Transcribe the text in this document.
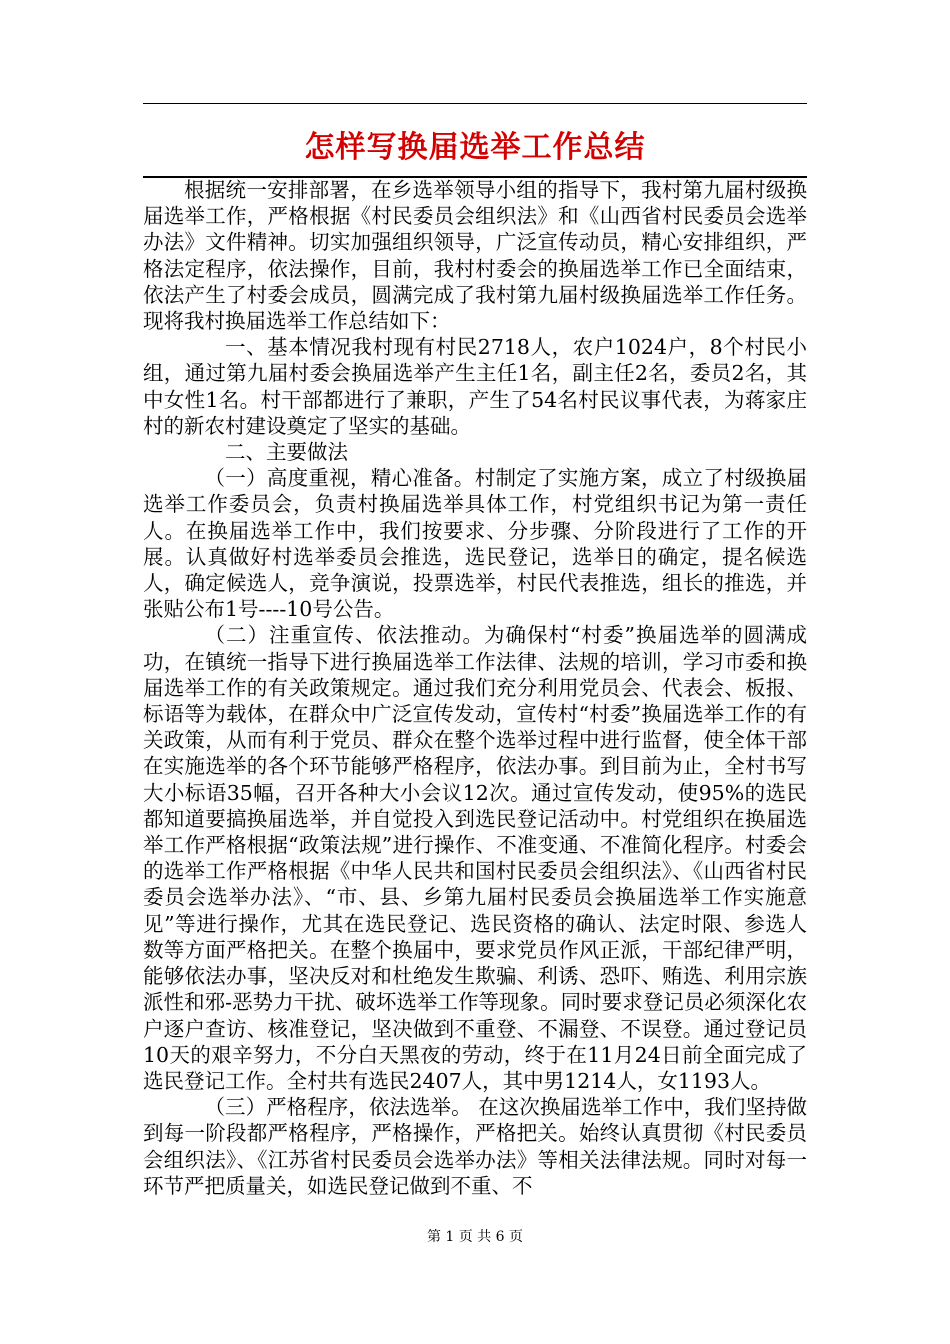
怎样写换届选举工作总结

根据统一安排部署，在乡选举领导小组的指导下，我村第九届村级换届选举工作，严格根据《村民委员会组织法》和《山西省村民委员会选举办法》文件精神。切实加强组织领导，广泛宣传动员，精心安排组织，严格法定程序，依法操作，目前，我村村委会的换届选举工作已全面结束，依法产生了村委会成员，圆满完成了我村第九届村级换届选举工作任务。现将我村换届选举工作总结如下：

一、基本情况我村现有村民2718人，农户1024户，8个村民小组，通过第九届村委会换届选举产生主任1名，副主任2名，委员2名，其中女性1名。村干部都进行了兼职，产生了54名村民议事代表，为蒋家庄村的新农村建设奠定了坚实的基础。

二、主要做法

（一）高度重视，精心准备。村制定了实施方案，成立了村级换届选举工作委员会，负责村换届选举具体工作，村党组织书记为第一责任人。在换届选举工作中，我们按要求、分步骤、分阶段进行了工作的开展。认真做好村选举委员会推选，选民登记，选举日的确定，提名候选人，确定候选人，竞争演说，投票选举，村民代表推选，组长的推选，并张贴公布1号----10号公告。

（二）注重宣传、依法推动。为确保村“村委”换届选举的圆满成功，在镇统一指导下进行换届选举工作法律、法规的培训，学习市委和换届选举工作的有关政策规定。通过我们充分利用党员会、代表会、板报、标语等为载体，在群众中广泛宣传发动，宣传村“村委”换届选举工作的有关政策，从而有利于党员、群众在整个选举过程中进行监督，使全体干部在实施选举的各个环节能够严格程序，依法办事。到目前为止，全村书写大小标语35幅，召开各种大小会议12次。通过宣传发动，使95%的选民都知道要搞换届选举，并自觉投入到选民登记活动中。村党组织在换届选举工作严格根据“政策法规”进行操作、不准变通、不准简化程序。村委会的选举工作严格根据《中华人民共和国村民委员会组织法》、《山西省村民委员会选举办法》、“市、县、乡第九届村民委员会换届选举工作实施意见”等进行操作，尤其在选民登记、选民资格的确认、法定时限、参选人数等方面严格把关。在整个换届中，要求党员作风正派，干部纪律严明，能够依法办事，坚决反对和杜绝发生欺骗、利诱、恐吓、贿选、利用宗族派性和邪-恶势力干扰、破坏选举工作等现象。同时要求登记员必须深化农户逐户查访、核准登记，坚决做到不重登、不漏登、不误登。通过登记员10天的艰辛努力，不分白天黑夜的劳动，终于在11月24日前全面完成了选民登记工作。全村共有选民2407人，其中男1214人，女1193人。

（三）严格程序，依法选举。 在这次换届选举工作中，我们坚持做到每一阶段都严格程序，严格操作，严格把关。始终认真贯彻《村民委员会组织法》、《江苏省村民委员会选举办法》等相关法律法规。同时对每一环节严把质量关，如选民登记做到不重、不

第 1 页 共 6 页
